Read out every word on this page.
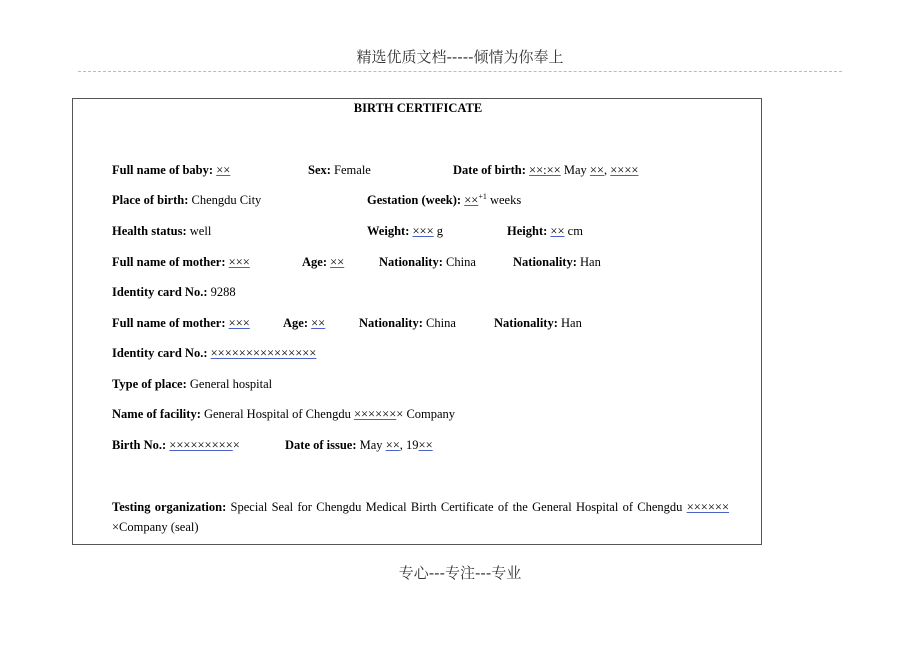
精选优质文档-----倾情为你奉上
BIRTH CERTIFICATE
Full name of baby: ××	Sex: Female	Date of birth: ××:×× May ××, ××××
Place of birth: Chengdu City	Gestation (week): ××$^{+1}$ weeks
Health status: well	Weight: ××× g	Height: ×× cm
Full name of mother: ×××	Age: ××	Nationality: China	Nationality: Han
Identity card No.: 9288
Full name of mother: ×××	Age: ××	Nationality: China	Nationality: Han
Identity card No.: ×××××××××××××××
Type of place: General hospital
Name of facility: General Hospital of Chengdu ××××××× Company
Birth No.: ××××××××××	Date of issue: May ××, 19××
Testing organization: Special Seal for Chengdu Medical Birth Certificate of the General Hospital of Chengdu ×××××× ×Company (seal)
专心---专注---专业
